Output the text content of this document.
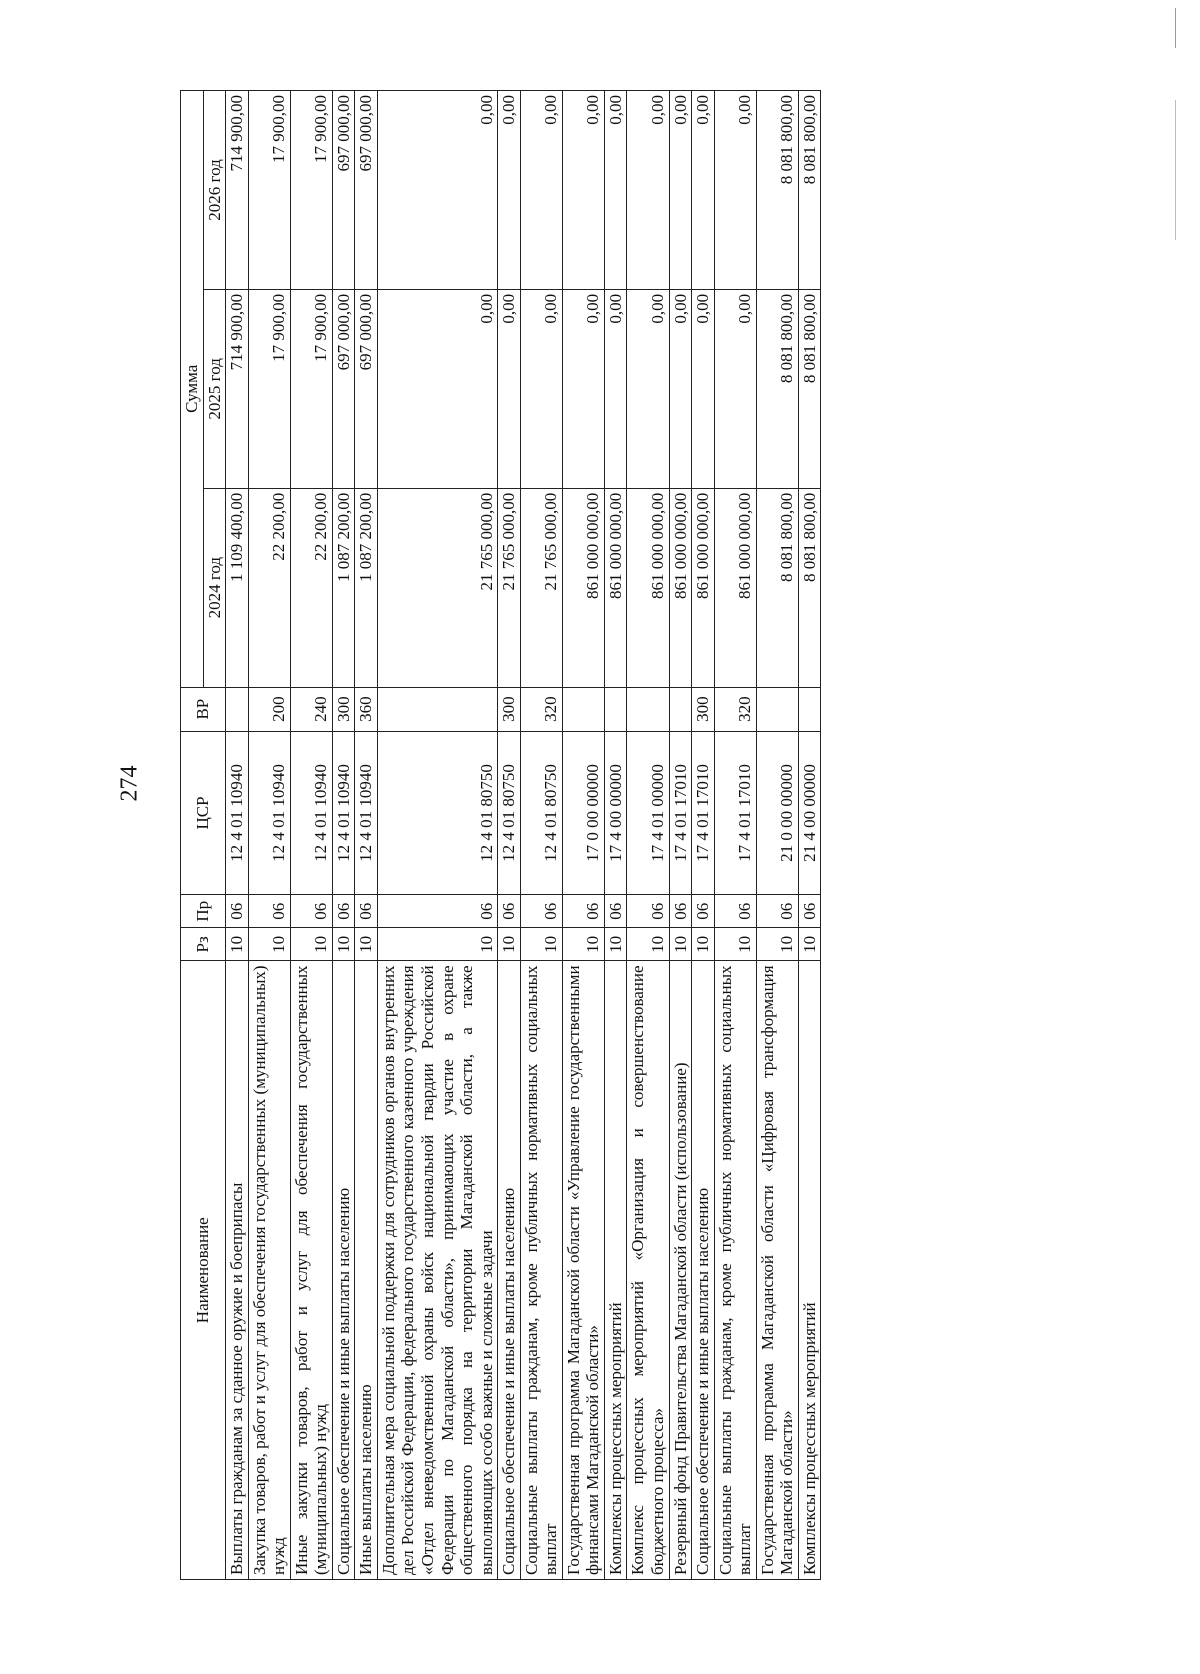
274
Наименование	Рз	Пр	ЦСР	ВР	Сумма		
					2024 год	2025 год	2026 год
Выплаты гражданам за сданное оружие и боеприпасы	10	06	12 4 01 10940		1 109 400,00	714 900,00	714 900,00
Закупка товаров, работ и услуг для обеспечения государственных (муниципальных) нужд	10	06	12 4 01 10940	200	22 200,00	17 900,00	17 900,00
Иные закупки товаров, работ и услуг для обеспечения государственных (муниципальных) нужд	10	06	12 4 01 10940	240	22 200,00	17 900,00	17 900,00
Социальное обеспечение и иные выплаты населению	10	06	12 4 01 10940	300	1 087 200,00	697 000,00	697 000,00
Иные выплаты населению	10	06	12 4 01 10940	360	1 087 200,00	697 000,00	697 000,00
Дополнительная мера социальной поддержки для сотрудников органов внутренних дел Российской Федерации, федерального государственного казенного учреждения «Отдел вневедомственной охраны войск национальной гвардии Российской Федерации по Магаданской области», принимающих участие в охране общественного порядка на территории Магаданской области, а также выполняющих особо важные и сложные задачи	10	06	12 4 01 80750		21 765 000,00	0,00	0,00
Социальное обеспечение и иные выплаты населению	10	06	12 4 01 80750	300	21 765 000,00	0,00	0,00
Социальные выплаты гражданам, кроме публичных нормативных социальных выплат	10	06	12 4 01 80750	320	21 765 000,00	0,00	0,00
Государственная программа Магаданской области «Управление государственными финансами Магаданской области»	10	06	17 0 00 00000		861 000 000,00	0,00	0,00
Комплексы процессных мероприятий	10	06	17 4 00 00000		861 000 000,00	0,00	0,00
Комплекс процессных мероприятий «Организация и совершенствование бюджетного процесса»	10	06	17 4 01 00000		861 000 000,00	0,00	0,00
Резервный фонд Правительства Магаданской области (использование)	10	06	17 4 01 17010		861 000 000,00	0,00	0,00
Социальное обеспечение и иные выплаты населению	10	06	17 4 01 17010	300	861 000 000,00	0,00	0,00
Социальные выплаты гражданам, кроме публичных нормативных социальных выплат	10	06	17 4 01 17010	320	861 000 000,00	0,00	0,00
Государственная программа Магаданской области «Цифровая трансформация Магаданской области»	10	06	21 0 00 00000		8 081 800,00	8 081 800,00	8 081 800,00
Комплексы процессных мероприятий	10	06	21 4 00 00000		8 081 800,00	8 081 800,00	8 081 800,00
